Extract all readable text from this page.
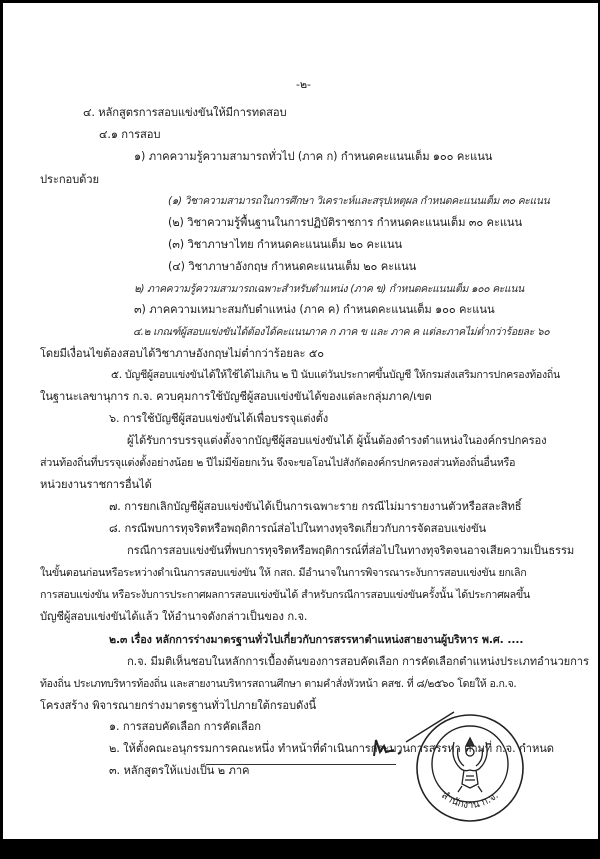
-๒-
๔. หลักสูตรการสอบแข่งขันให้มีการทดสอบ
๔.๑ การสอบ
๑) ภาคความรู้ความสามารถทั่วไป (ภาค ก) กำหนดคะแนนเต็ม ๑๐๐ คะแนน
ประกอบด้วย
(๑) วิชาความสามารถในการศึกษา วิเคราะห์และสรุปเหตุผล กำหนดคะแนนเต็ม ๓๐ คะแนน
(๒) วิชาความรู้พื้นฐานในการปฏิบัติราชการ กำหนดคะแนนเต็ม ๓๐ คะแนน
(๓) วิชาภาษาไทย กำหนดคะแนนเต็ม ๒๐ คะแนน
(๔) วิชาภาษาอังกฤษ กำหนดคะแนนเต็ม ๒๐ คะแนน
๒) ภาคความรู้ความสามารถเฉพาะสำหรับตำแหน่ง (ภาค ข) กำหนดคะแนนเต็ม ๑๐๐ คะแนน
๓) ภาคความเหมาะสมกับตำแหน่ง (ภาค ค) กำหนดคะแนนเต็ม ๑๐๐ คะแนน
๔.๒ เกณฑ์ผู้สอบแข่งขันได้ต้องได้คะแนนภาค ก ภาค ข และ ภาค ค แต่ละภาคไม่ต่ำกว่าร้อยละ ๖๐
โดยมีเงื่อนไขต้องสอบได้วิชาภาษอังกฤษไม่ต่ำกว่าร้อยละ ๕๐
๕. บัญชีผู้สอบแข่งขันได้ให้ใช้ได้ไม่เกิน ๒ ปี นับแต่วันประกาศขึ้นบัญชี ให้กรมส่งเสริมการปกครองท้องถิ่น
ในฐานะเลขานุการ ก.จ. ควบคุมการใช้บัญชีผู้สอบแข่งขันได้ของแต่ละกลุ่มภาค/เขต
๖. การใช้บัญชีผู้สอบแข่งขันได้เพื่อบรรจุแต่งตั้ง
ผู้ได้รับการบรรจุแต่งตั้งจากบัญชีผู้สอบแข่งขันได้ ผู้นั้นต้องดำรงตำแหน่งในองค์กรปกครอง
ส่วนท้องถิ่นที่บรรจุแต่งตั้งอย่างน้อย ๒ ปีไม่มีข้อยกเว้น จึงจะขอโอนไปสังกัดองค์กรปกครองส่วนท้องถิ่นอื่นหรือ
หน่วยงานราชการอื่นได้
๗. การยกเลิกบัญชีผู้สอบแข่งขันได้เป็นการเฉพาะราย กรณีไม่มารายงานตัวหรือสละสิทธิ์
๘. กรณีพบการทุจริตหรือพฤติการณ์ส่อไปในทางทุจริตเกี่ยวกับการจัดสอบแข่งขัน
กรณีการสอบแข่งขันที่พบการทุจริตหรือพฤติการณ์ที่ส่อไปในทางทุจริตจนอาจเสียความเป็นธรรม
ในขั้นตอนก่อนหรือระหว่างดำเนินการสอบแข่งขัน ให้ กสถ. มีอำนาจในการพิจารณาระงับการสอบแข่งขัน ยกเลิก
การสอบแข่งขัน หรือระงับการประกาศผลการสอบแข่งขันได้ สำหรับกรณีการสอบแข่งขันครั้งนั้น ได้ประกาศผลขึ้น
บัญชีผู้สอบแข่งขันได้แล้ว ให้อำนาจดังกล่าวเป็นของ ก.จ.
๒.๓ เรื่อง หลักการร่างมาตรฐานทั่วไปเกี่ยวกับการสรรหาตำแหน่งสายงานผู้บริหาร พ.ศ. ....
ก.จ. มีมติเห็นชอบในหลักการเบื้องต้นของการสอบคัดเลือก การคัดเลือกตำแหน่งประเภทอำนวยการ
ท้องถิ่น ประเภทบริหารท้องถิ่น และสายงานบริหารสถานศึกษา ตามคำสั่งหัวหน้า คสช. ที่ ๘/๒๕๖๐ โดยให้ อ.ก.จ.
โครงสร้าง พิจารณายกร่างมาตรฐานทั่วไปภายใต้กรอบดังนี้
สำนักงาน ก.จ.
๑. การสอบคัดเลือก การคัดเลือก
๒. ให้ตั้งคณะอนุกรรมการคณะหนึ่ง ทำหน้าที่ดำเนินการกระบวนการสรรหา ตามที่ ก.จ. กำหนด
๓. หลักสูตรให้แบ่งเป็น ๒ ภาค
